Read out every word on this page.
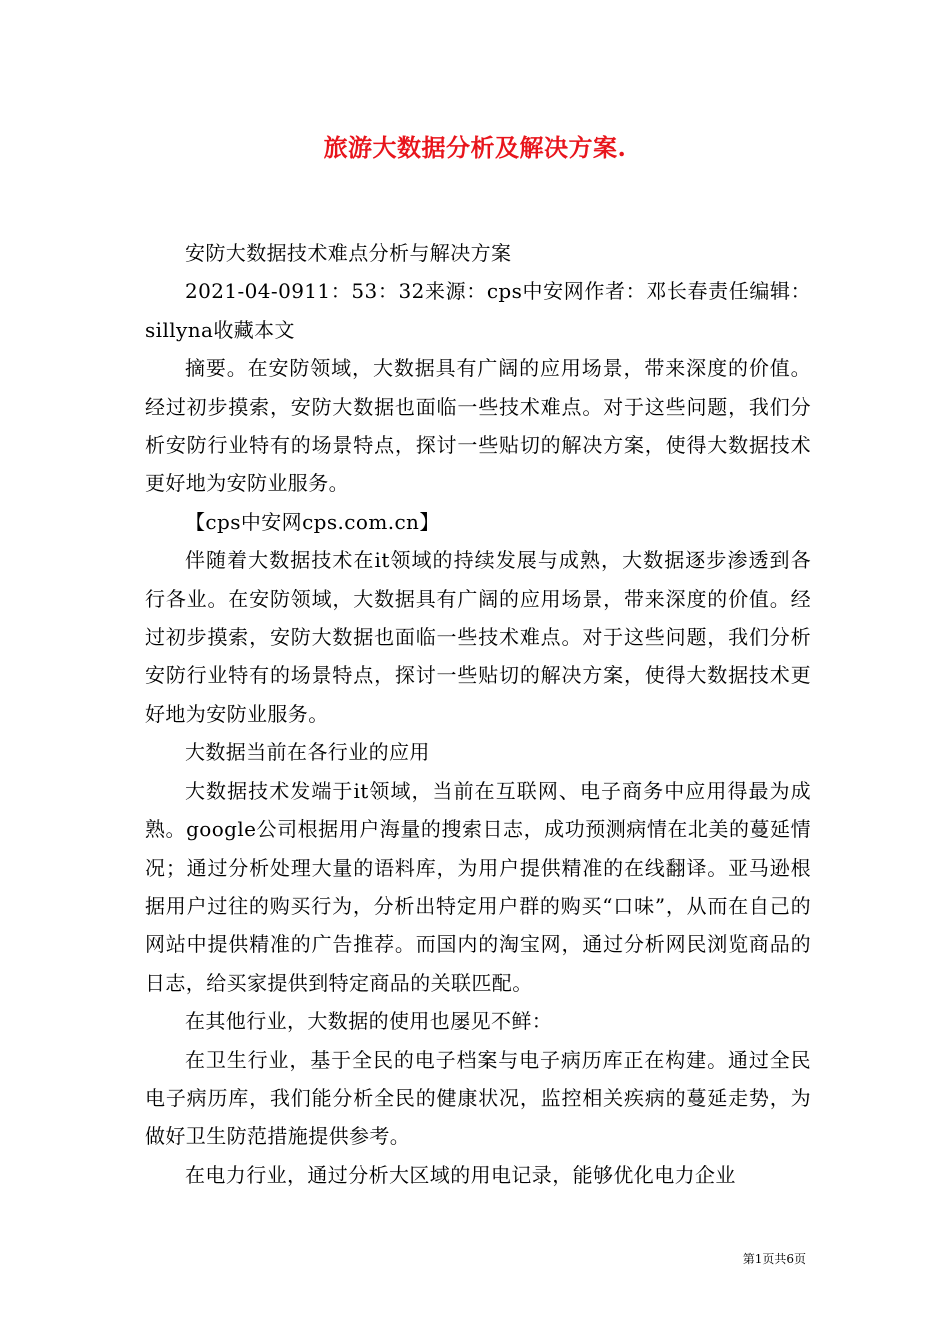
旅游大数据分析及解决方案.

安防大数据技术难点分析与解决方案

2021-04-0911：53：32来源：cps中安网作者：邓长春责任编辑：sillyna收藏本文

摘要。在安防领域，大数据具有广阔的应用场景，带来深度的价值。经过初步摸索，安防大数据也面临一些技术难点。对于这些问题，我们分析安防行业特有的场景特点，探讨一些贴切的解决方案，使得大数据技术更好地为安防业服务。

【cps中安网cps.com.cn】

伴随着大数据技术在it领域的持续发展与成熟，大数据逐步渗透到各行各业。在安防领域，大数据具有广阔的应用场景，带来深度的价值。经过初步摸索，安防大数据也面临一些技术难点。对于这些问题，我们分析安防行业特有的场景特点，探讨一些贴切的解决方案，使得大数据技术更好地为安防业服务。

大数据当前在各行业的应用

大数据技术发端于it领域，当前在互联网、电子商务中应用得最为成熟。google公司根据用户海量的搜索日志，成功预测病情在北美的蔓延情况；通过分析处理大量的语料库，为用户提供精准的在线翻译。亚马逊根据用户过往的购买行为，分析出特定用户群的购买“口味”，从而在自己的网站中提供精准的广告推荐。而国内的淘宝网，通过分析网民浏览商品的日志，给买家提供到特定商品的关联匹配。

在其他行业，大数据的使用也屡见不鲜：

在卫生行业，基于全民的电子档案与电子病历库正在构建。通过全民电子病历库，我们能分析全民的健康状况，监控相关疾病的蔓延走势，为做好卫生防范措施提供参考。

在电力行业，通过分析大区域的用电记录，能够优化电力企业

第1页共6页
